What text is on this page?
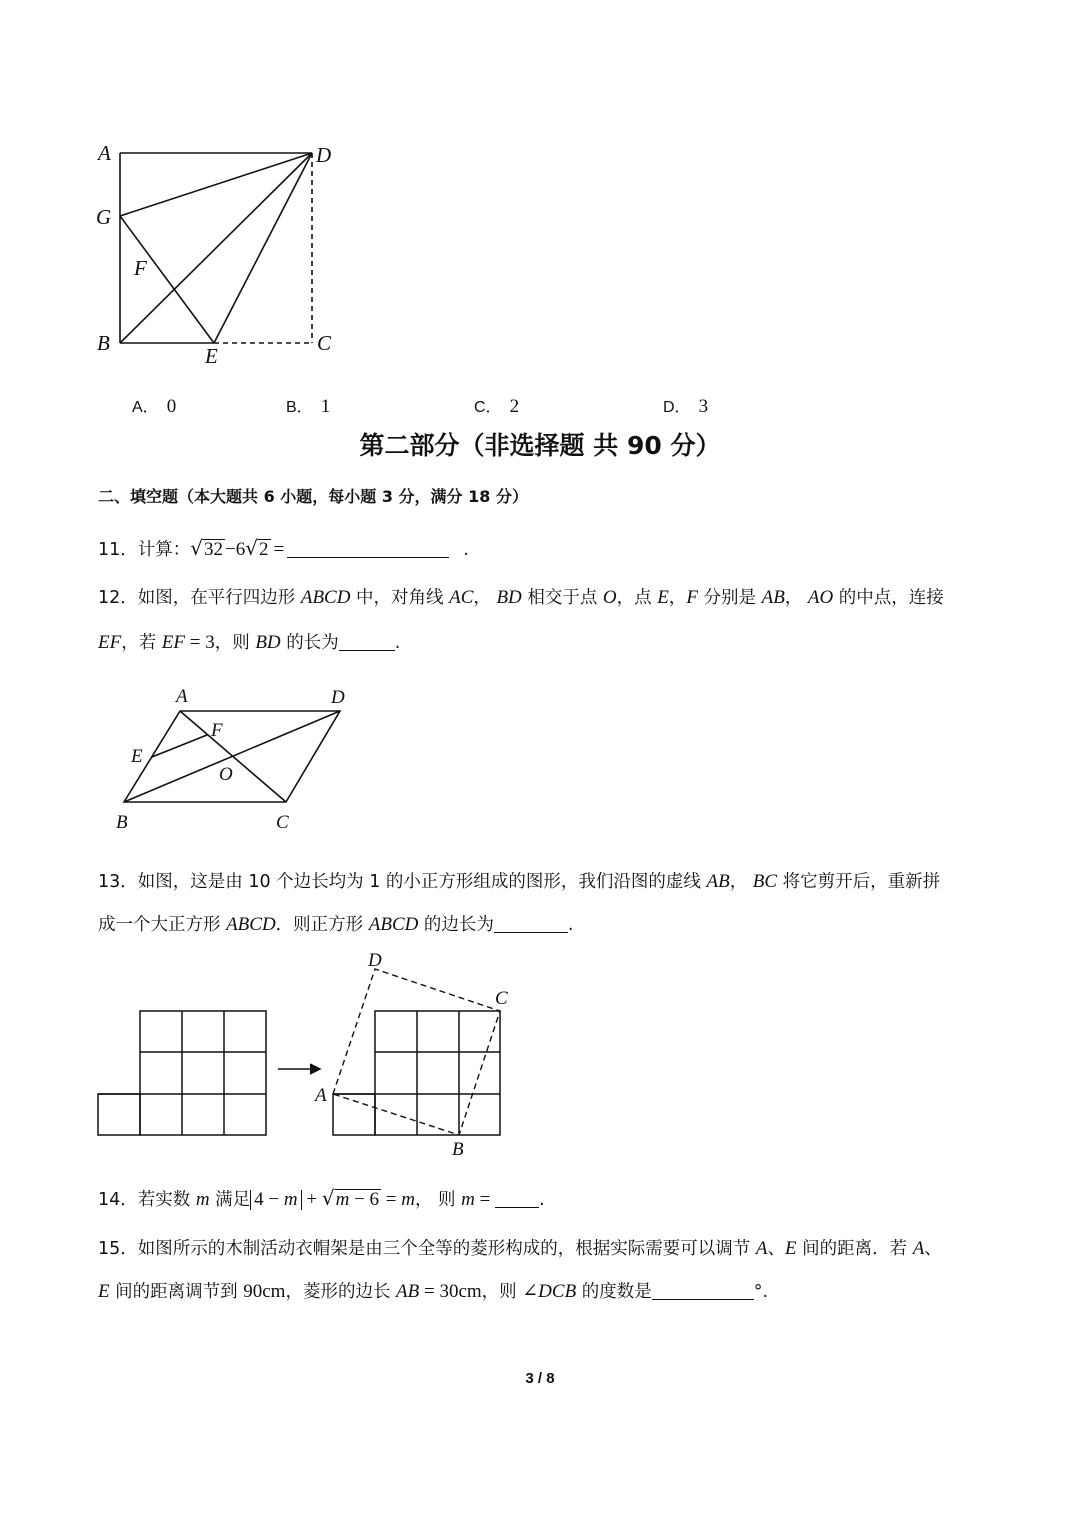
A	D
G
F
B
E
C
A． 0	B． 1	C． 2	D． 3
第二部分（非选择题 共 90 分）
二、填空题（本大题共 6 小题，每小题 3 分，满分 18 分）
11．计算：√32 −6√2 =	.
12．如图，在平行四边形 ABCD 中，对角线 AC， BD 相交于点 O，点 E，F 分别是 AB， AO 的中点，连接
EF，若 EF = 3，则 BD 的长为	.
A	D
F
E
O
B	C
13．如图，这是由 10 个边长均为 1 的小正方形组成的图形，我们沿图的虚线 AB， BC 将它剪开后，重新拼
成一个大正方形 ABCD．则正方形 ABCD 的边长为	.
D
C
A
B
14．若实数 m 满足 4 − m + √m − 6 = m， 则 m =	.
15．如图所示的木制活动衣帽架是由三个全等的菱形构成的，根据实际需要可以调节 A、E 间的距离．若 A、
E 间的距离调节到 90cm，菱形的边长 AB = 30cm，则 ∠DCB 的度数是	°.
3 / 8
